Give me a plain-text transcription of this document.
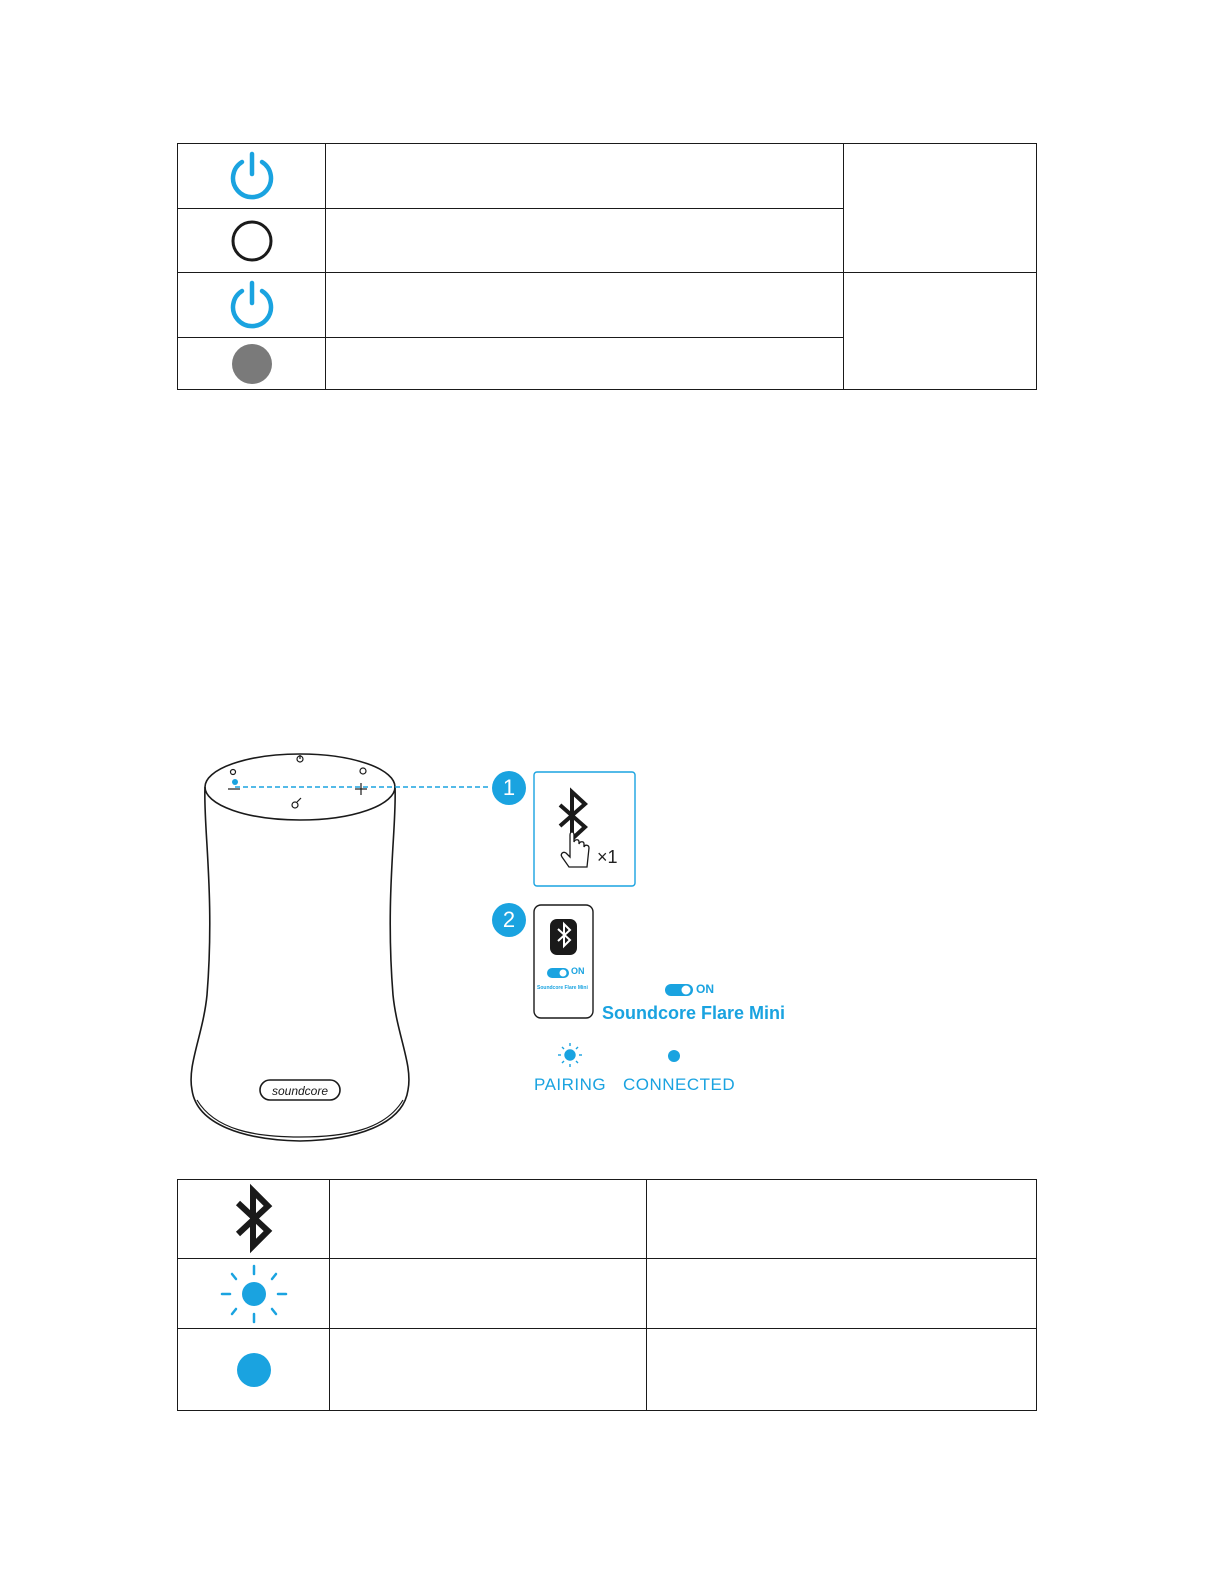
soundcore
1
×1
2
ON
Soundcore Flare Mini	ON
Soundcore Flare Mini
PAIRING CONNECTED
